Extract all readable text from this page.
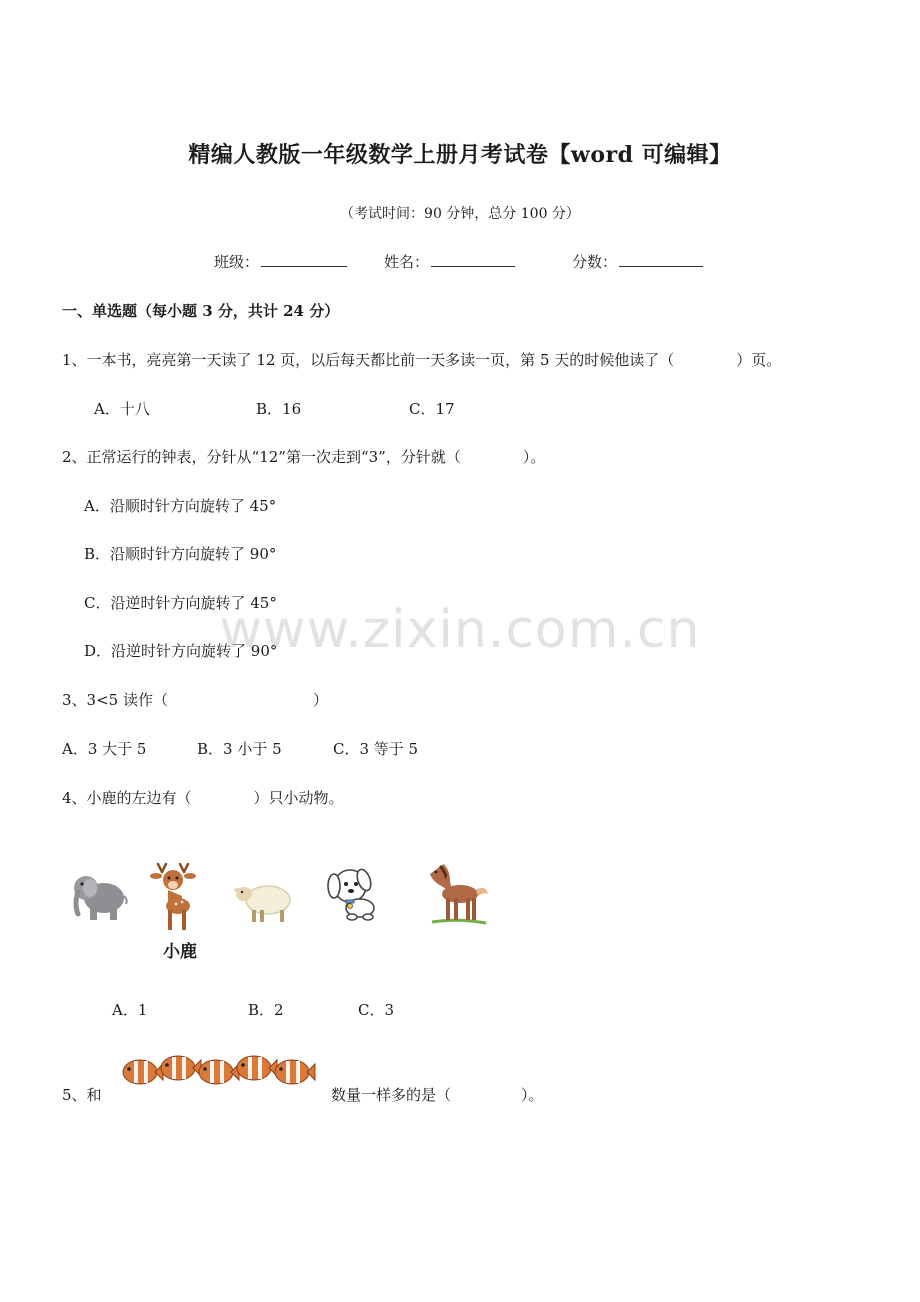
精编人教版一年级数学上册月考试卷【word 可编辑】
（考试时间：90 分钟，总分 100 分）
班级：	姓名：	分数：
一、单选题（每小题 3 分，共计 24 分）
1、一本书，亮亮第一天读了 12 页，以后每天都比前一天多读一页，第 5 天的时候他读了（	）页。
A．十八	B．16	C．17
2、正常运行的钟表，分针从“12”第一次走到“3”，分针就（	）。
A．沿顺时针方向旋转了 45°
B．沿顺时针方向旋转了 90°
C．沿逆时针方向旋转了 45°
D．沿逆时针方向旋转了 90°
3、3<5 读作（	）
A．3 大于 5	B．3 小于 5	C．3 等于 5
4、小鹿的左边有（	）只小动物。
小鹿
A．1	B．2	C．3
5、和	数量一样多的是（	）。
www.zixin.com.cn
